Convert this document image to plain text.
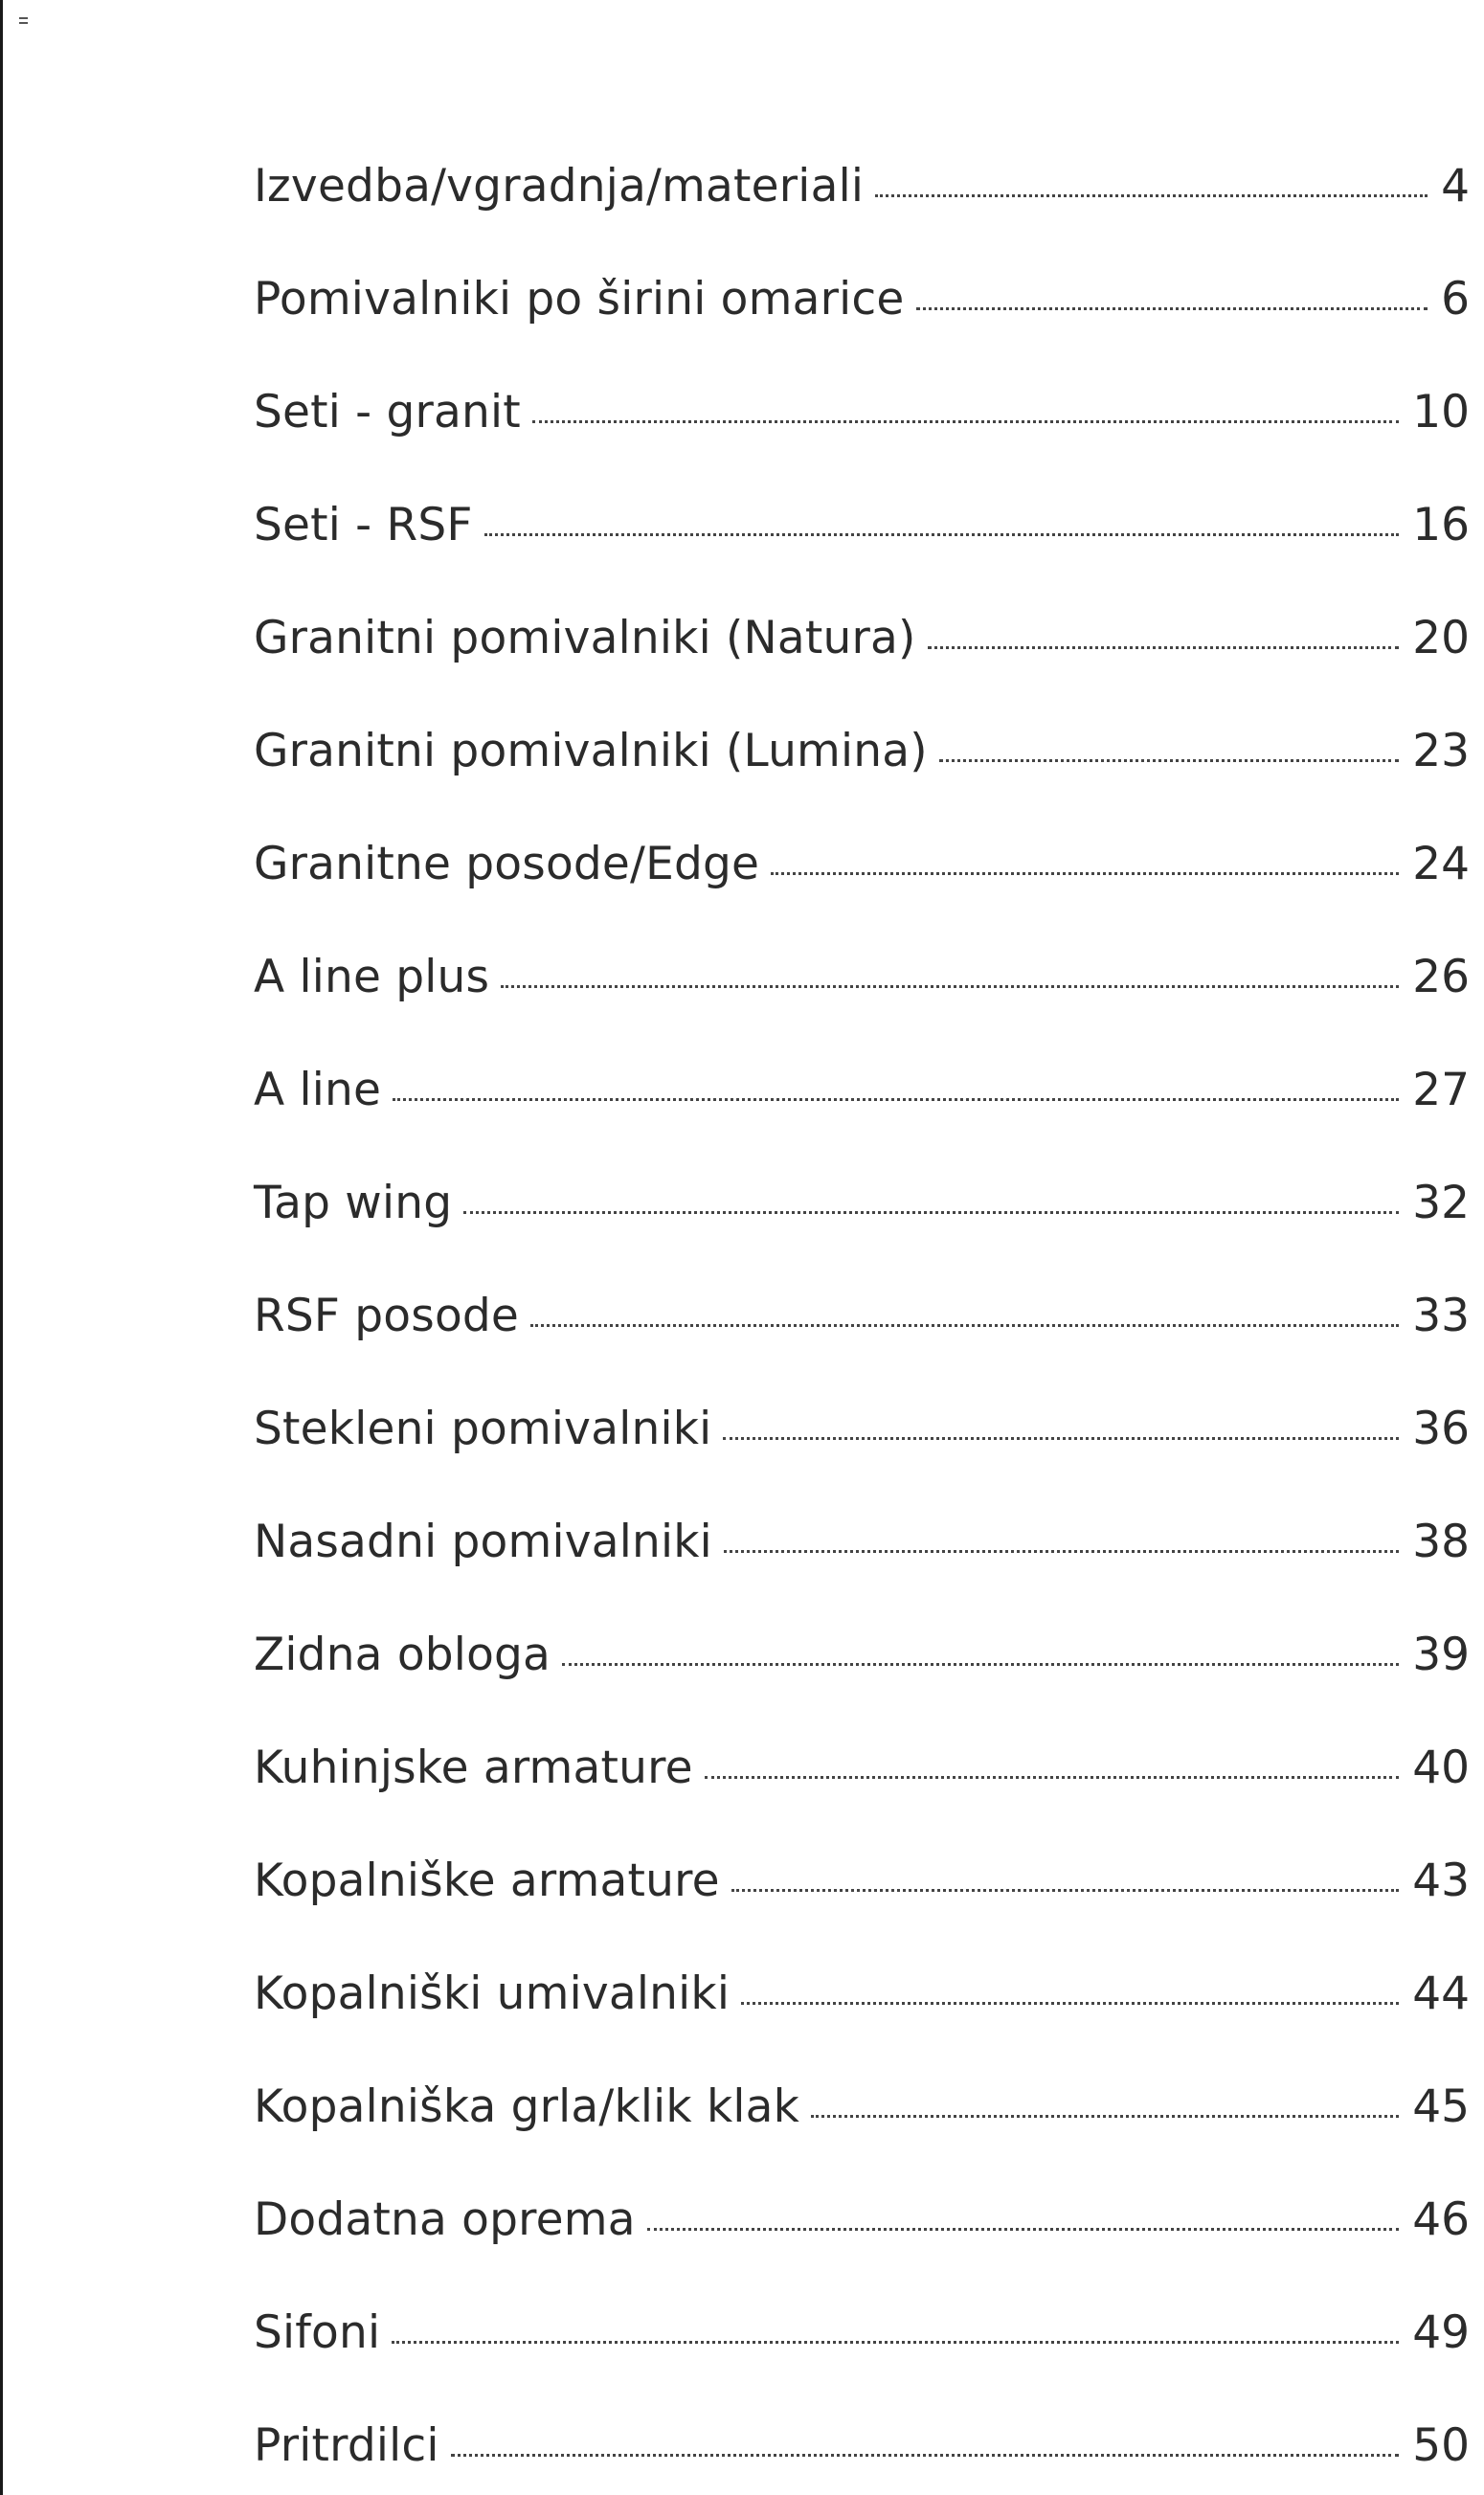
Izvedba/vgradnja/materiali	4
Pomivalniki po širini omarice	6
Seti - granit	10
Seti - RSF	16
Granitni pomivalniki (Natura)	20
Granitni pomivalniki (Lumina)	23
Granitne posode/Edge	24
A line plus	26
A line	27
Tap wing	32
RSF posode	33
Stekleni pomivalniki	36
Nasadni pomivalniki	38
Zidna obloga	39
Kuhinjske armature	40
Kopalniške armature	43
Kopalniški umivalniki	44
Kopalniška grla/klik klak	45
Dodatna oprema	46
Sifoni	49
Pritrdilci	50
